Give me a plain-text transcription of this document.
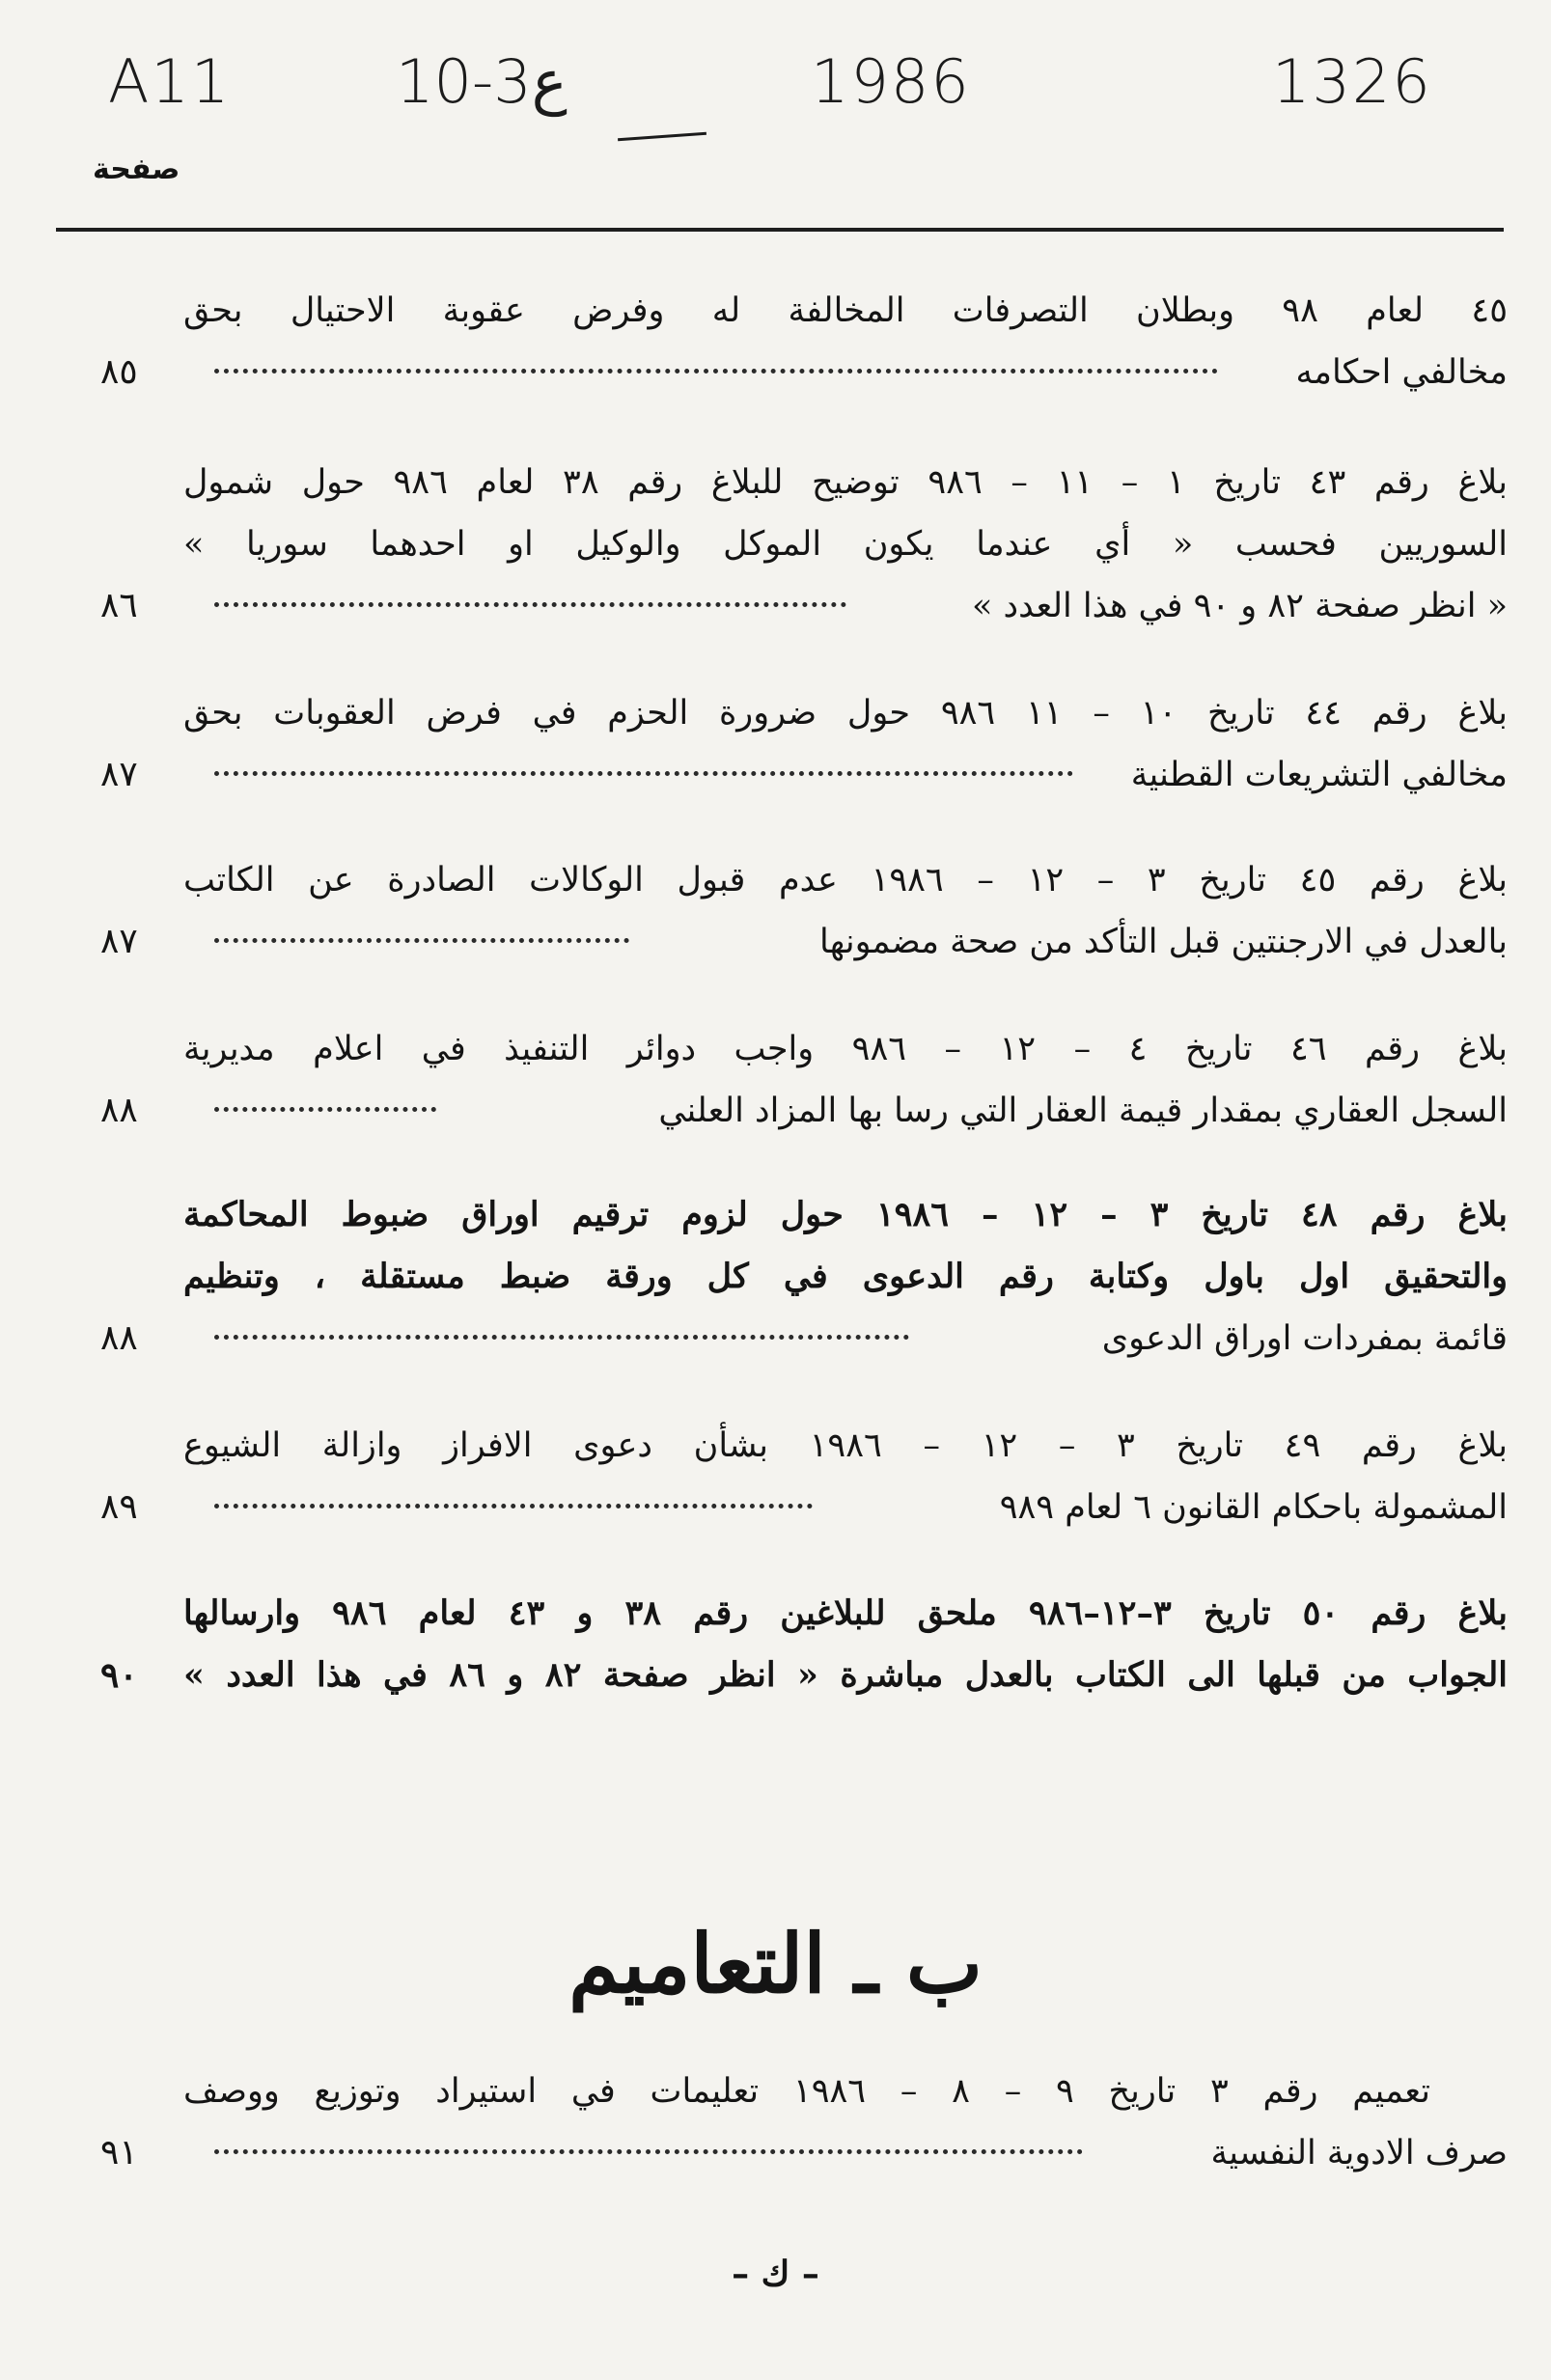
A11	10-3ع	1986	1326
صفحة
٤٥ لعام ٩٨ وبطلان التصرفات المخالفة له وفرض عقوبة الاحتيال بحق
مخالفي احكامه
٨٥
بلاغ رقم ٤٣ تاريخ ١ – ١١ – ٩٨٦ توضيح للبلاغ رقم ٣٨ لعام ٩٨٦ حول شمول
السوريين فحسب « أي عندما يكون الموكل والوكيل او احدهما سوريا »
« انظر صفحة ٨٢ و ٩٠ في هذا العدد »
٨٦
بلاغ رقم ٤٤ تاريخ ١٠ – ١١ ٩٨٦ حول ضرورة الحزم في فرض العقوبات بحق
مخالفي التشريعات القطنية
٨٧
بلاغ رقم ٤٥ تاريخ ٣ – ١٢ – ١٩٨٦ عدم قبول الوكالات الصادرة عن الكاتب
بالعدل في الارجنتين قبل التأكد من صحة مضمونها
٨٧
بلاغ رقم ٤٦ تاريخ ٤ – ١٢ – ٩٨٦ واجب دوائر التنفيذ في اعلام مديرية
السجل العقاري بمقدار قيمة العقار التي رسا بها المزاد العلني
٨٨
بلاغ رقم ٤٨ تاريخ ٣ – ١٢ – ١٩٨٦ حول لزوم ترقيم اوراق ضبوط المحاكمة
والتحقيق اول باول وكتابة رقم الدعوى في كل ورقة ضبط مستقلة ، وتنظيم
قائمة بمفردات اوراق الدعوى
٨٨
بلاغ رقم ٤٩ تاريخ ٣ – ١٢ – ١٩٨٦ بشأن دعوى الافراز وازالة الشيوع
المشمولة باحكام القانون ٦ لعام ٩٨٩
٨٩
بلاغ رقم ٥٠ تاريخ ٣–١٢–٩٨٦ ملحق للبلاغين رقم ٣٨ و ٤٣ لعام ٩٨٦ وارسالها
الجواب من قبلها الى الكتاب بالعدل مباشرة « انظر صفحة ٨٢ و ٨٦ في هذا العدد »
٩٠
ب ـ التعاميم
تعميم رقم ٣ تاريخ ٩ – ٨ – ١٩٨٦ تعليمات في استيراد وتوزيع ووصف
صرف الادوية النفسية
٩١
– ك –
